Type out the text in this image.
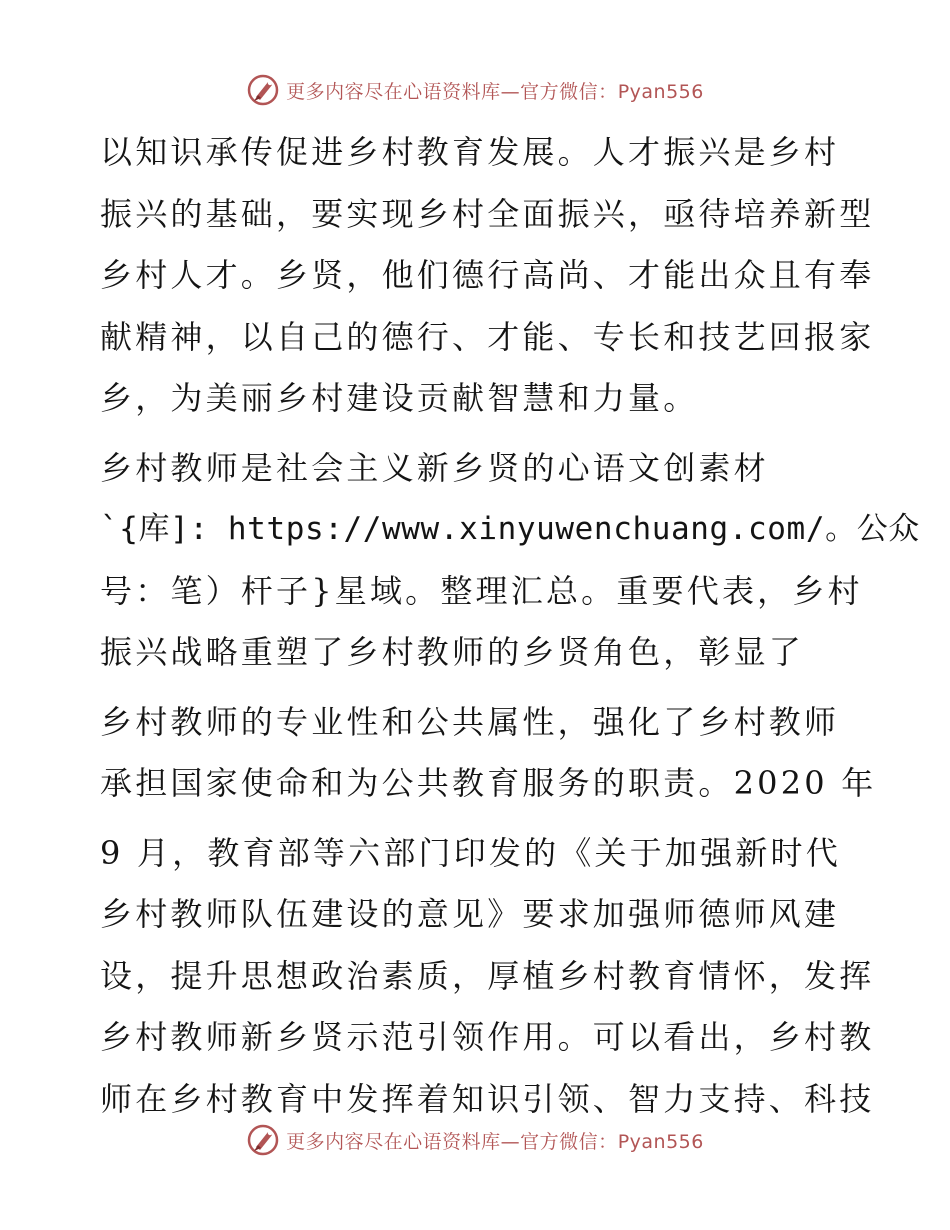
更多内容尽在心语资料库—官方微信：Pyan556
以知识承传促进乡村教育发展。人才振兴是乡村
振兴的基础，要实现乡村全面振兴，亟待培养新型
乡村人才。乡贤，他们德行高尚、才能出众且有奉
献精神，以自己的德行、才能、专长和技艺回报家
乡，为美丽乡村建设贡献智慧和力量。
乡村教师是社会主义新乡贤的心语文创素材
`{库]: https://www.xinyuwenchuang.com/。公众
号：笔）杆子}星域。整理汇总。重要代表，乡村
振兴战略重塑了乡村教师的乡贤角色，彰显了
乡村教师的专业性和公共属性，强化了乡村教师
承担国家使命和为公共教育服务的职责。2020 年
9 月，教育部等六部门印发的《关于加强新时代
乡村教师队伍建设的意见》要求加强师德师风建
设，提升思想政治素质，厚植乡村教育情怀，发挥
乡村教师新乡贤示范引领作用。可以看出，乡村教
师在乡村教育中发挥着知识引领、智力支持、科技
更多内容尽在心语资料库—官方微信：Pyan556
